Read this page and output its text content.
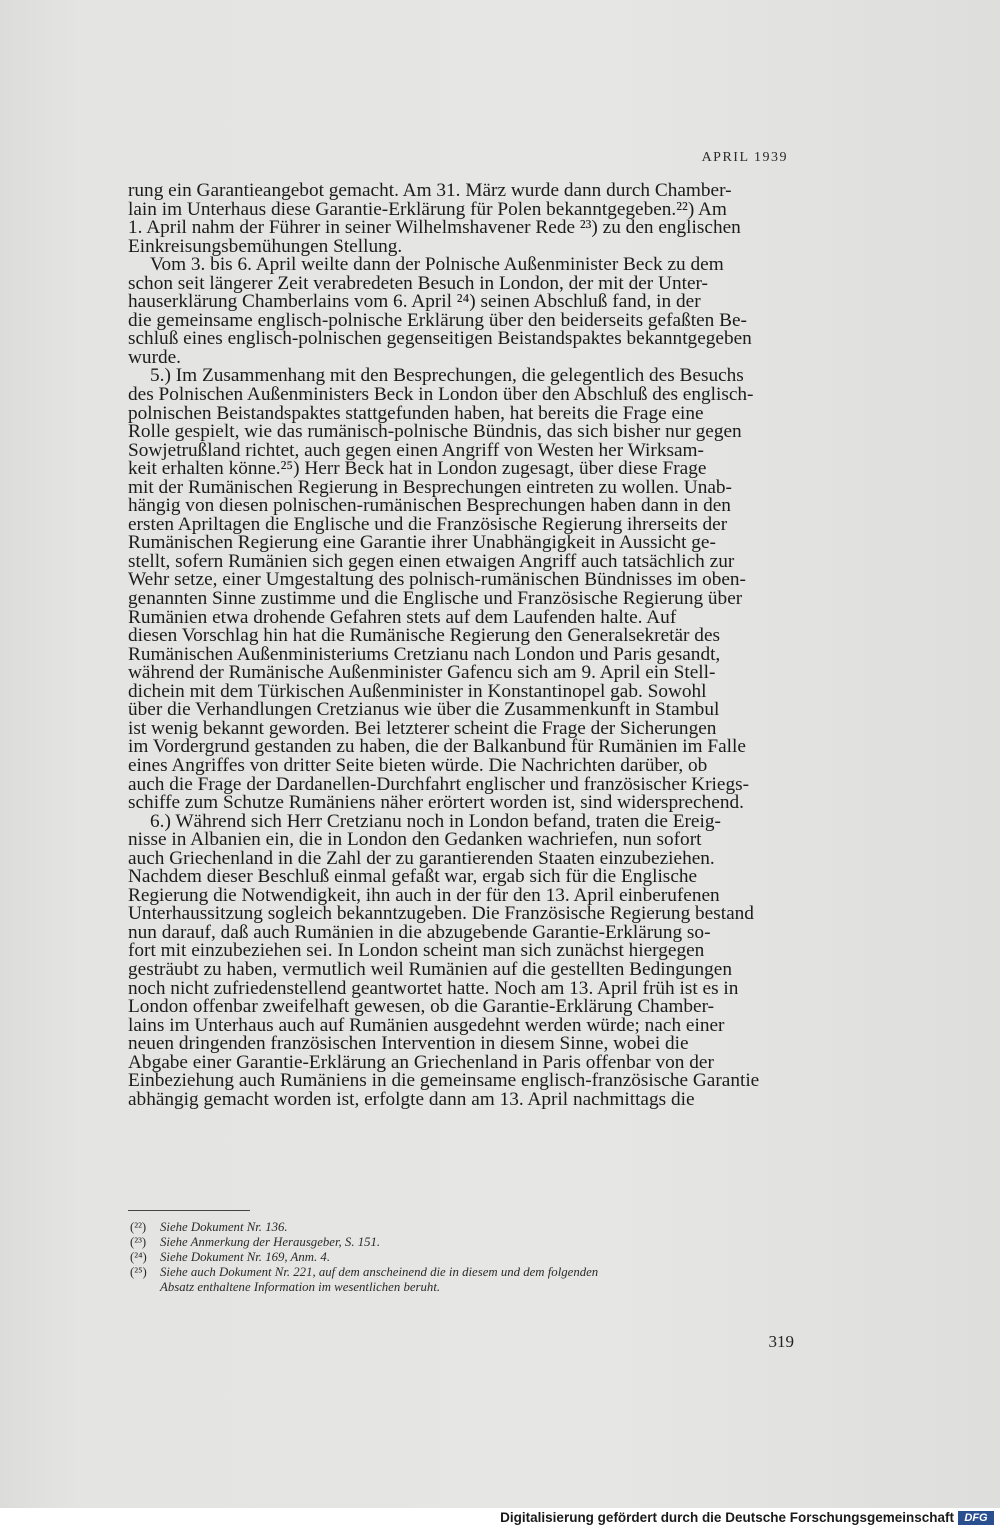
APRIL 1939
rung ein Garantieangebot gemacht. Am 31. März wurde dann durch Chamber-
lain im Unterhaus diese Garantie-Erklärung für Polen bekanntgegeben.²²) Am
1. April nahm der Führer in seiner Wilhelmshavener Rede ²³) zu den englischen
Einkreisungsbemühungen Stellung.
Vom 3. bis 6. April weilte dann der Polnische Außenminister Beck zu dem
schon seit längerer Zeit verabredeten Besuch in London, der mit der Unter-
hauserklärung Chamberlains vom 6. April ²⁴) seinen Abschluß fand, in der
die gemeinsame englisch-polnische Erklärung über den beiderseits gefaßten Be-
schluß eines englisch-polnischen gegenseitigen Beistandspaktes bekanntgegeben
wurde.
5.) Im Zusammenhang mit den Besprechungen, die gelegentlich des Besuchs
des Polnischen Außenministers Beck in London über den Abschluß des englisch-
polnischen Beistandspaktes stattgefunden haben, hat bereits die Frage eine
Rolle gespielt, wie das rumänisch-polnische Bündnis, das sich bisher nur gegen
Sowjetrußland richtet, auch gegen einen Angriff von Westen her Wirksam-
keit erhalten könne.²⁵) Herr Beck hat in London zugesagt, über diese Frage
mit der Rumänischen Regierung in Besprechungen eintreten zu wollen. Unab-
hängig von diesen polnischen-rumänischen Besprechungen haben dann in den
ersten Apriltagen die Englische und die Französische Regierung ihrerseits der
Rumänischen Regierung eine Garantie ihrer Unabhängigkeit in Aussicht ge-
stellt, sofern Rumänien sich gegen einen etwaigen Angriff auch tatsächlich zur
Wehr setze, einer Umgestaltung des polnisch-rumänischen Bündnisses im oben-
genannten Sinne zustimme und die Englische und Französische Regierung über
Rumänien etwa drohende Gefahren stets auf dem Laufenden halte. Auf
diesen Vorschlag hin hat die Rumänische Regierung den Generalsekretär des
Rumänischen Außenministeriums Cretzianu nach London und Paris gesandt,
während der Rumänische Außenminister Gafencu sich am 9. April ein Stell-
dichein mit dem Türkischen Außenminister in Konstantinopel gab. Sowohl
über die Verhandlungen Cretzianus wie über die Zusammenkunft in Stambul
ist wenig bekannt geworden. Bei letzterer scheint die Frage der Sicherungen
im Vordergrund gestanden zu haben, die der Balkanbund für Rumänien im Falle
eines Angriffes von dritter Seite bieten würde. Die Nachrichten darüber, ob
auch die Frage der Dardanellen-Durchfahrt englischer und französischer Kriegs-
schiffe zum Schutze Rumäniens näher erörtert worden ist, sind widersprechend.
6.) Während sich Herr Cretzianu noch in London befand, traten die Ereig-
nisse in Albanien ein, die in London den Gedanken wachriefen, nun sofort
auch Griechenland in die Zahl der zu garantierenden Staaten einzubeziehen.
Nachdem dieser Beschluß einmal gefaßt war, ergab sich für die Englische
Regierung die Notwendigkeit, ihn auch in der für den 13. April einberufenen
Unterhaussitzung sogleich bekanntzugeben. Die Französische Regierung bestand
nun darauf, daß auch Rumänien in die abzugebende Garantie-Erklärung so-
fort mit einzubeziehen sei. In London scheint man sich zunächst hiergegen
gesträubt zu haben, vermutlich weil Rumänien auf die gestellten Bedingungen
noch nicht zufriedenstellend geantwortet hatte. Noch am 13. April früh ist es in
London offenbar zweifelhaft gewesen, ob die Garantie-Erklärung Chamber-
lains im Unterhaus auch auf Rumänien ausgedehnt werden würde; nach einer
neuen dringenden französischen Intervention in diesem Sinne, wobei die
Abgabe einer Garantie-Erklärung an Griechenland in Paris offenbar von der
Einbeziehung auch Rumäniens in die gemeinsame englisch-französische Garantie
abhängig gemacht worden ist, erfolgte dann am 13. April nachmittags die
(²²) Siehe Dokument Nr. 136.
(²³) Siehe Anmerkung der Herausgeber, S. 151.
(²⁴) Siehe Dokument Nr. 169, Anm. 4.
(²⁵) Siehe auch Dokument Nr. 221, auf dem anscheinend die in diesem und dem folgenden
Absatz enthaltene Information im wesentlichen beruht.
319
Digitalisierung gefördert durch die Deutsche Forschungsgemeinschaft DFG
